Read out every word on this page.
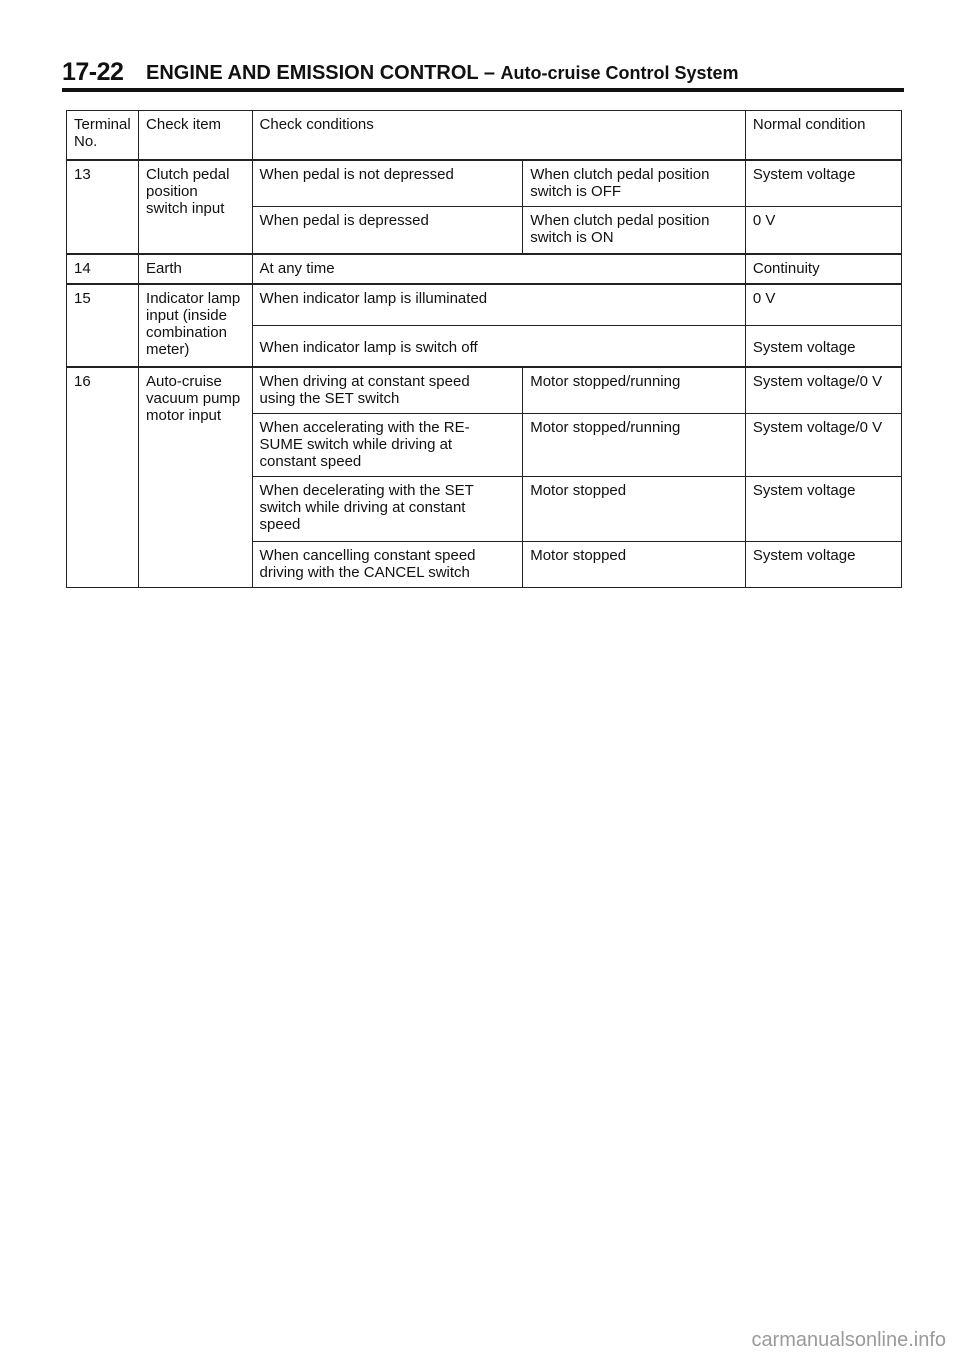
17-22 ENGINE AND EMISSION CONTROL – Auto-cruise Control System
Terminal
No.	Check item	Check conditions		Normal condition
13	Clutch pedal
position
switch input	When pedal is not depressed	When clutch pedal position
switch is OFF	System voltage
		When pedal is depressed	When clutch pedal position
switch is ON	0 V
14	Earth	At any time		Continuity
15	Indicator lamp
input (inside
combination
meter)	When indicator lamp is illuminated		0 V
		When indicator lamp is switch off		System voltage
16	Auto-cruise
vacuum pump
motor input	When driving at constant speed
using the SET switch	Motor stopped/running	System voltage/0 V
		When accelerating with the RE-
SUME switch while driving at
constant speed	Motor stopped/running	System voltage/0 V
		When decelerating with the SET
switch while driving at constant
speed	Motor stopped	System voltage
		When cancelling constant speed
driving with the CANCEL switch	Motor stopped	System voltage
carmanualsonline.info
